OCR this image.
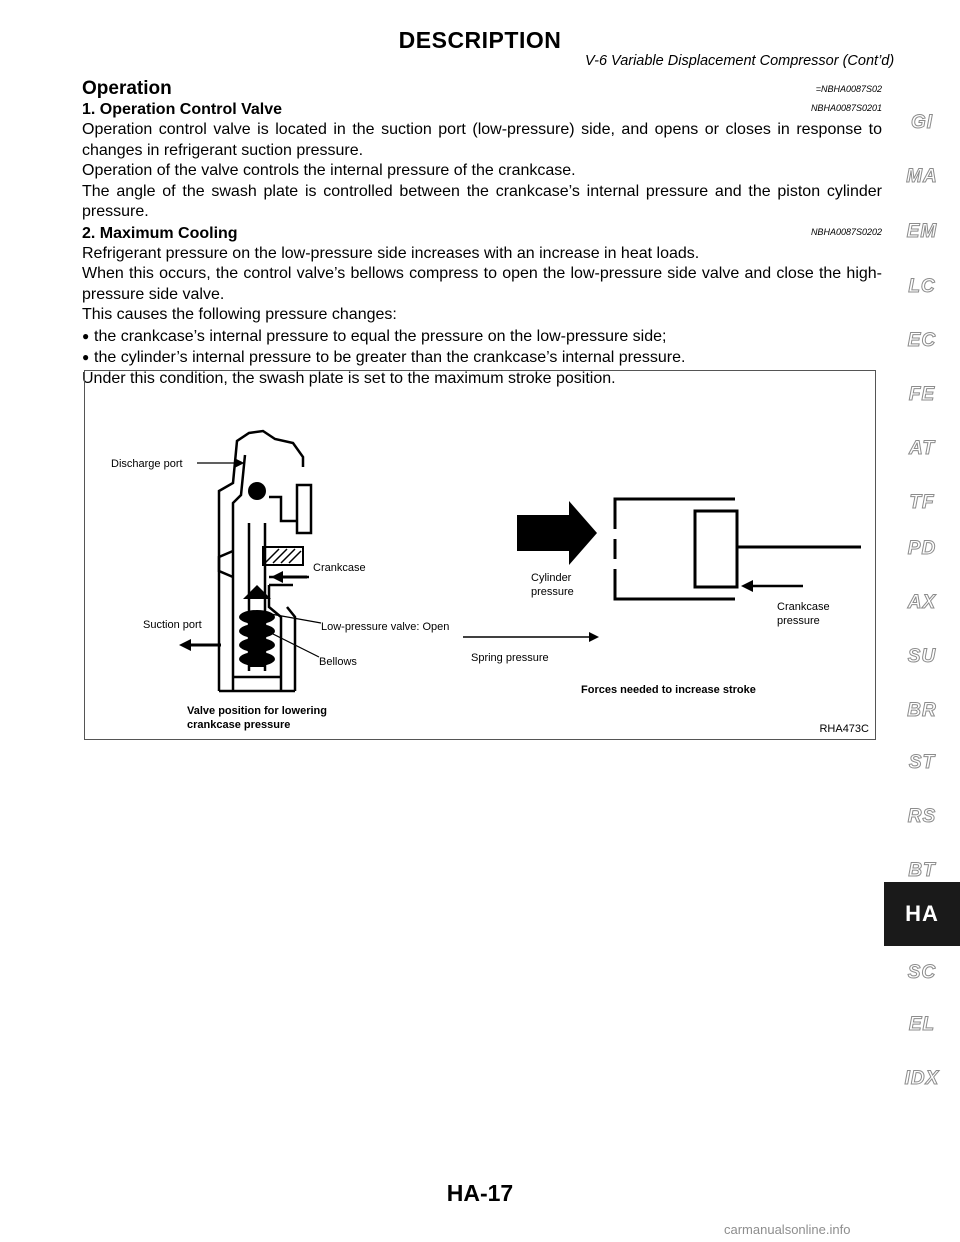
DESCRIPTION
V-6 Variable Displacement Compressor (Cont’d)
Operation	=NBHA0087S02
1. Operation Control Valve	NBHA0087S0201
Operation control valve is located in the suction port (low-pressure) side, and opens or closes in response to changes in refrigerant suction pressure.
Operation of the valve controls the internal pressure of the crankcase.
The angle of the swash plate is controlled between the crankcase’s internal pressure and the piston cylinder pressure.
2. Maximum Cooling	NBHA0087S0202
Refrigerant pressure on the low-pressure side increases with an increase in heat loads.
When this occurs, the control valve’s bellows compress to open the low-pressure side valve and close the high-pressure side valve.
This causes the following pressure changes:
● the crankcase’s internal pressure to equal the pressure on the low-pressure side;
● the cylinder’s internal pressure to be greater than the crankcase’s internal pressure.
Under this condition, the swash plate is set to the maximum stroke position.
Discharge port
Crankcase
Suction port	Low-pressure valve: Open
Bellows
Valve position for lowering
crankcase pressure
Cylinder
pressure
Crankcase
pressure
Spring pressure
Forces needed to increase stroke
RHA473C
GI
MA
EM
LC
EC
FE
AT
TF
PD
AX
SU
BR
ST
RS
BT
HA
SC
EL
IDX
HA-17
carmanualsonline.info
